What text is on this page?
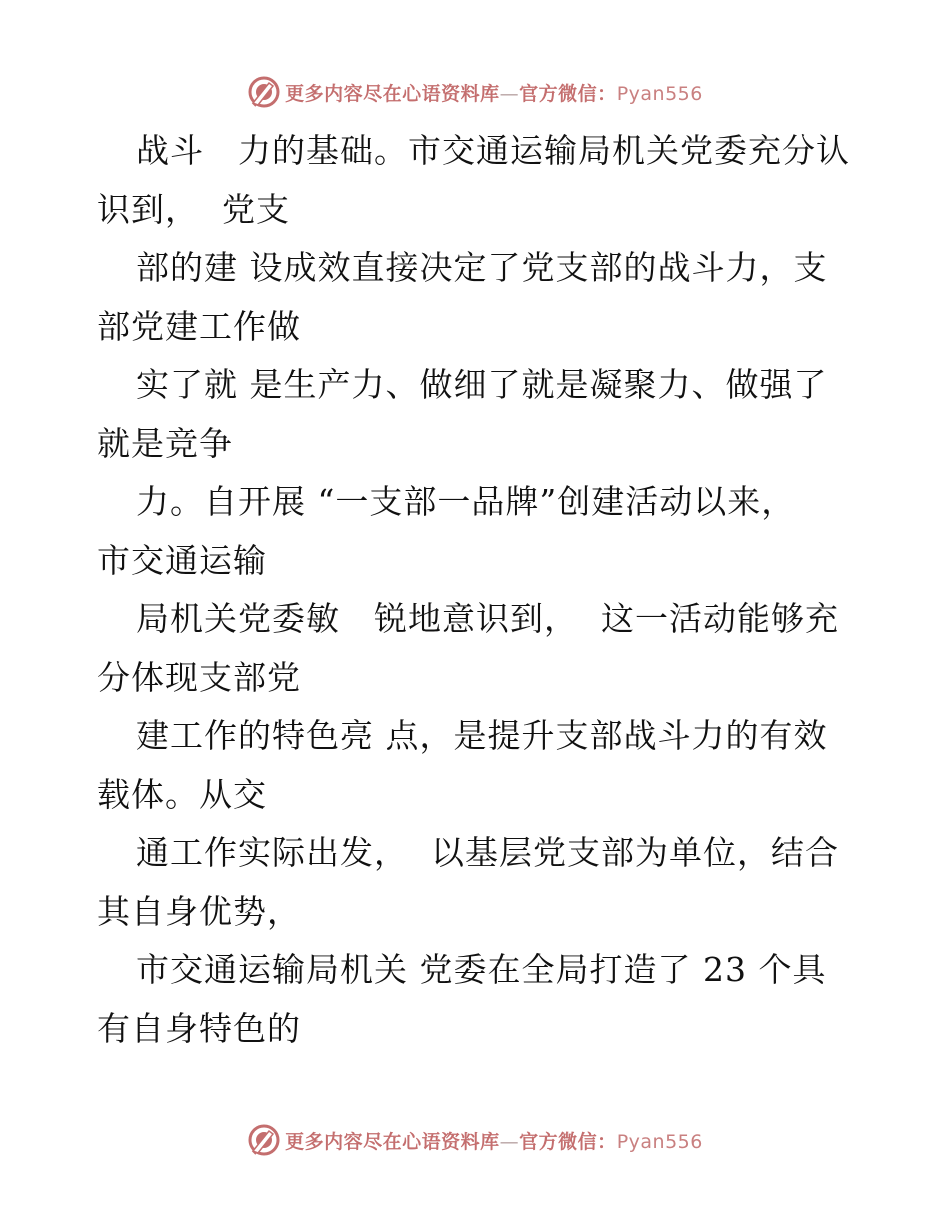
更多内容尽在心语资料库—官方微信：Pyan556
战斗　力的基础。市交通运输局机关党委充分认
识到，  党支
部的建 设成效直接决定了党支部的战斗力，支
部党建工作做
实了就 是生产力、做细了就是凝聚力、做强了
就是竞争
力。自开展 “一支部一品牌”创建活动以来，
市交通运输
局机关党委敏　锐地意识到，  这一活动能够充
分体现支部党
建工作的特色亮 点，是提升支部战斗力的有效
载体。从交
通工作实际出发，  以基层党支部为单位，结合
其自身优势，
市交通运输局机关 党委在全局打造了 23 个具
有自身特色的
更多内容尽在心语资料库—官方微信：Pyan556
